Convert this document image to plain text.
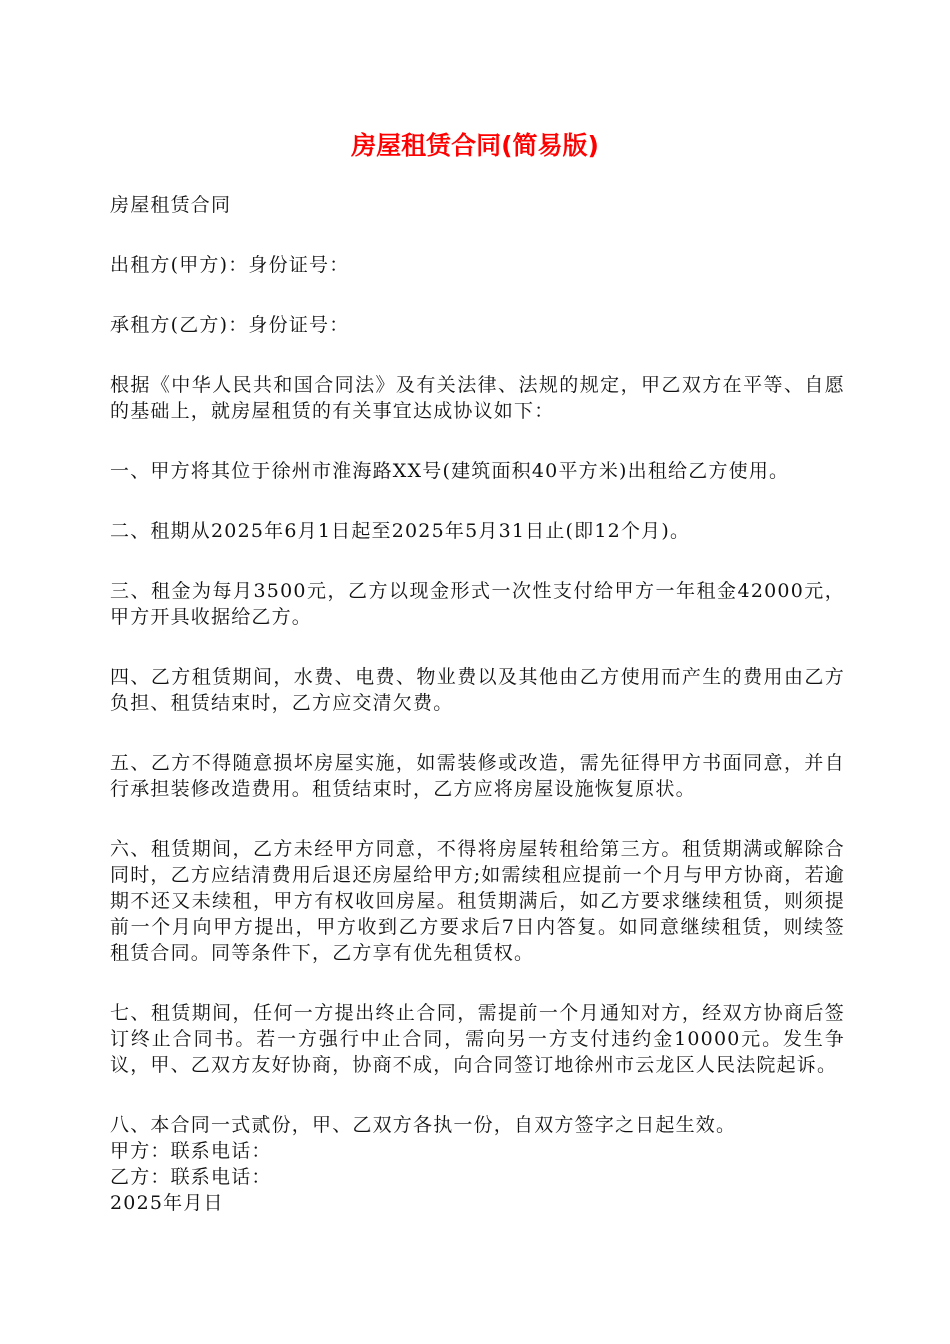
房屋租赁合同(简易版)

房屋租赁合同

出租方(甲方)：身份证号：

承租方(乙方)：身份证号：

根据《中华人民共和国合同法》及有关法律、法规的规定，甲乙双方在平等、自愿的基础上，就房屋租赁的有关事宜达成协议如下：

一、甲方将其位于徐州市淮海路XX号(建筑面积40平方米)出租给乙方使用。

二、租期从2025年6月1日起至2025年5月31日止(即12个月)。

三、租金为每月3500元，乙方以现金形式一次性支付给甲方一年租金42000元，甲方开具收据给乙方。

四、乙方租赁期间，水费、电费、物业费以及其他由乙方使用而产生的费用由乙方负担、租赁结束时，乙方应交清欠费。

五、乙方不得随意损坏房屋实施，如需装修或改造，需先征得甲方书面同意，并自行承担装修改造费用。租赁结束时，乙方应将房屋设施恢复原状。

六、租赁期间，乙方未经甲方同意，不得将房屋转租给第三方。租赁期满或解除合同时，乙方应结清费用后退还房屋给甲方;如需续租应提前一个月与甲方协商，若逾期不还又未续租，甲方有权收回房屋。租赁期满后，如乙方要求继续租赁，则须提前一个月向甲方提出，甲方收到乙方要求后7日内答复。如同意继续租赁，则续签租赁合同。同等条件下，乙方享有优先租赁权。

七、租赁期间，任何一方提出终止合同，需提前一个月通知对方，经双方协商后签订终止合同书。若一方强行中止合同，需向另一方支付违约金10000元。发生争议，甲、乙双方友好协商，协商不成，向合同签订地徐州市云龙区人民法院起诉。

八、本合同一式贰份，甲、乙双方各执一份，自双方签字之日起生效。

甲方：联系电话：

乙方：联系电话：

2025年月日
